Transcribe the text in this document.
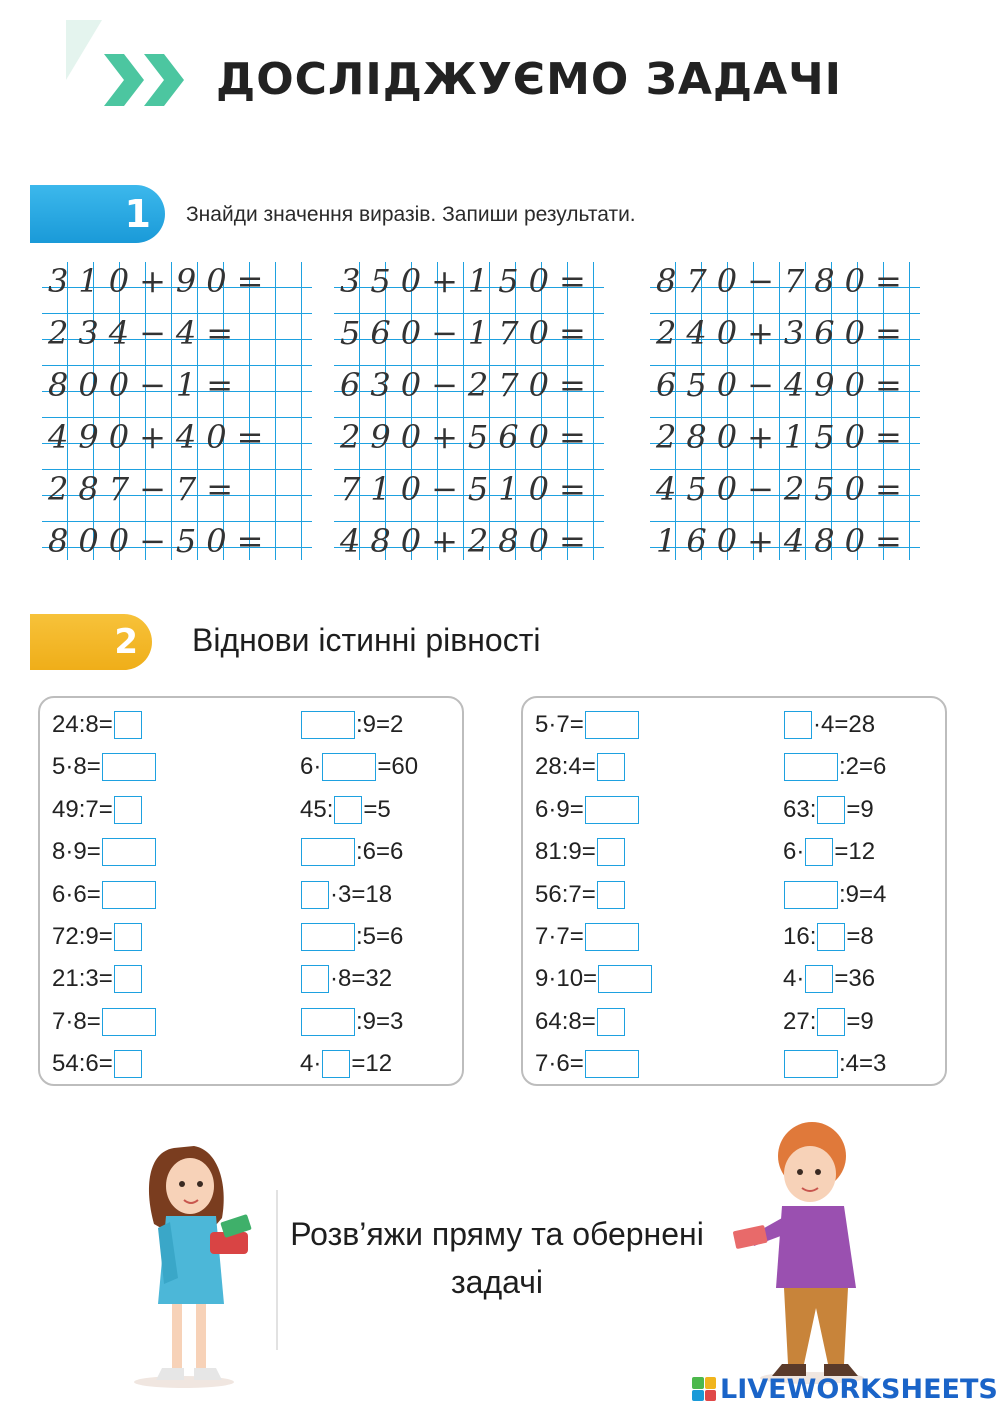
ДОСЛІДЖУЄМО ЗАДАЧІ
1 Знайди значення виразів. Запиши результати.
310+90=
234−4=
800−1=
490+40=
287−7=
800−50=
350+150=
560−170=
630−270=
290+560=
710−510=
480+280=
870−780=
240+360=
650−490=
280+150=
450−250=
160+480=
2 Віднови істинні рівності
24:8=
5·8=
49:7=
8·9=
6·6=
72:9=
21:3=
7·8=
54:6=
:9=2
6· =60
45: =5
:6=6
·3=18
:5=6
·8=32
:9=3
4· =12
5·7=
28:4=
6·9=
81:9=
56:7=
7·7=
9·10=
64:8=
7·6=
·4=28
:2=6
63: =9
6· =12
:9=4
16: =8
4· =36
27: =9
:4=3
Розв’яжи пряму та обернені
задачі
LIVEWORKSHEETS
